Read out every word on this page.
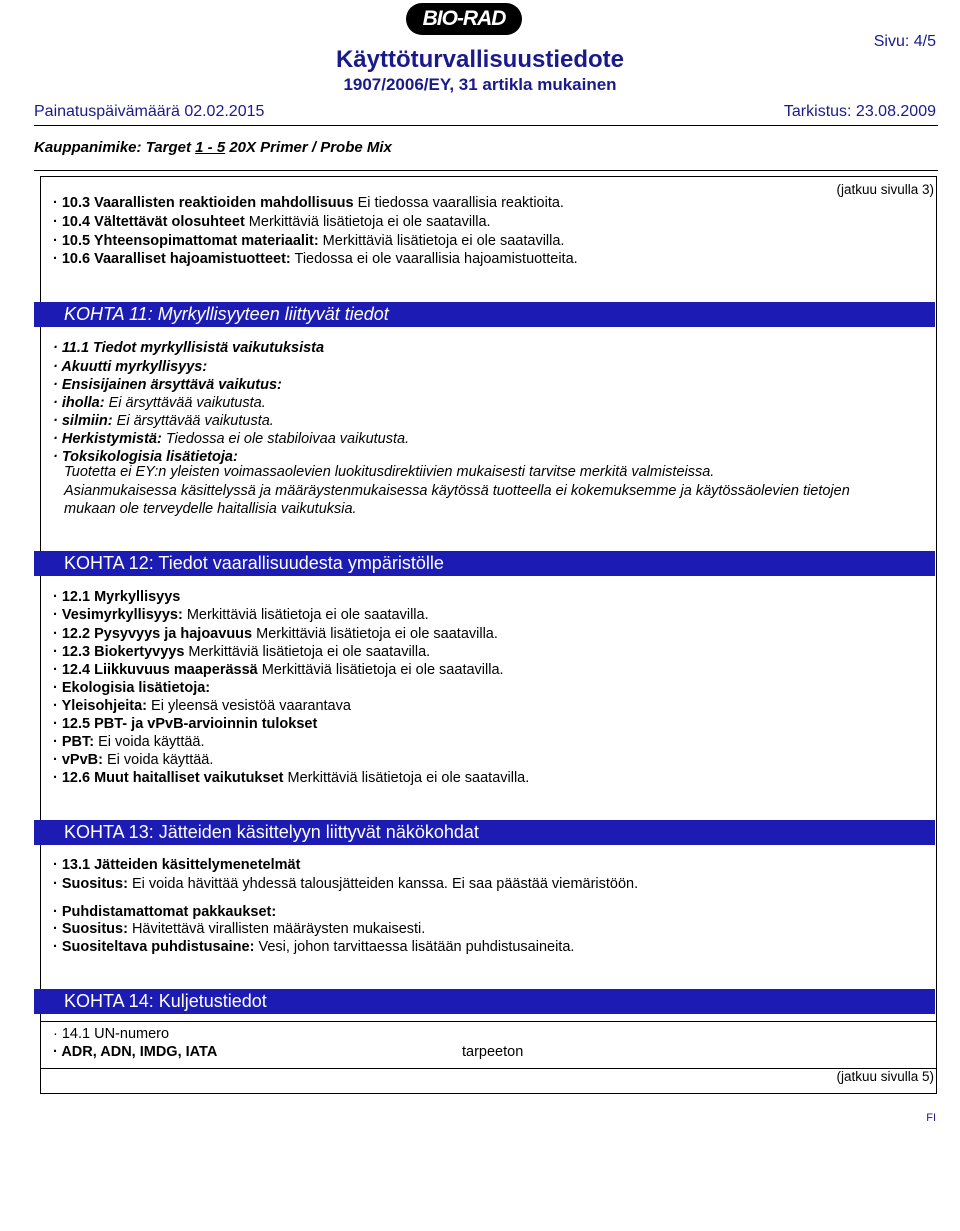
BIO-RAD
Sivu: 4/5
Käyttöturvallisuustiedote
1907/2006/EY, 31 artikla mukainen
Painatuspäivämäärä 02.02.2015	Tarkistus: 23.08.2009
Kauppanimike: Target 1 - 5 20X Primer / Probe Mix
(jatkuu sivulla 3)
· 10.3 Vaarallisten reaktioiden mahdollisuus Ei tiedossa vaarallisia reaktioita.
· 10.4 Vältettävät olosuhteet Merkittäviä lisätietoja ei ole saatavilla.
· 10.5 Yhteensopimattomat materiaalit: Merkittäviä lisätietoja ei ole saatavilla.
· 10.6 Vaaralliset hajoamistuotteet: Tiedossa ei ole vaarallisia hajoamistuotteita.
KOHTA 11: Myrkyllisyyteen liittyvät tiedot
· 11.1 Tiedot myrkyllisistä vaikutuksista
· Akuutti myrkyllisyys:
· Ensisijainen ärsyttävä vaikutus:
· iholla: Ei ärsyttävää vaikutusta.
· silmiin: Ei ärsyttävää vaikutusta.
· Herkistymistä: Tiedossa ei ole stabiloivaa vaikutusta.
· Toksikologisia lisätietoja:
Tuotetta ei EY:n yleisten voimassaolevien luokitusdirektiivien mukaisesti tarvitse merkitä valmisteissa.
Asianmukaisessa käsittelyssä ja määräystenmukaisessa käytössä tuotteella ei kokemuksemme ja käytössäolevien tietojen
mukaan ole terveydelle haitallisia vaikutuksia.
KOHTA 12: Tiedot vaarallisuudesta ympäristölle
· 12.1 Myrkyllisyys
· Vesimyrkyllisyys: Merkittäviä lisätietoja ei ole saatavilla.
· 12.2 Pysyvyys ja hajoavuus Merkittäviä lisätietoja ei ole saatavilla.
· 12.3 Biokertyvyys Merkittäviä lisätietoja ei ole saatavilla.
· 12.4 Liikkuvuus maaperässä Merkittäviä lisätietoja ei ole saatavilla.
· Ekologisia lisätietoja:
· Yleisohjeita: Ei yleensä vesistöä vaarantava
· 12.5 PBT- ja vPvB-arvioinnin tulokset
· PBT: Ei voida käyttää.
· vPvB: Ei voida käyttää.
· 12.6 Muut haitalliset vaikutukset Merkittäviä lisätietoja ei ole saatavilla.
KOHTA 13: Jätteiden käsittelyyn liittyvät näkökohdat
· 13.1 Jätteiden käsittelymenetelmät
· Suositus: Ei voida hävittää yhdessä talousjätteiden kanssa. Ei saa päästää viemäristöön.
· Puhdistamattomat pakkaukset:
· Suositus: Hävitettävä virallisten määräysten mukaisesti.
· Suositeltava puhdistusaine: Vesi, johon tarvittaessa lisätään puhdistusaineita.
KOHTA 14: Kuljetustiedot
· 14.1 UN-numero
· ADR, ADN, IMDG, IATA	tarpeeton
(jatkuu sivulla 5)
FI
